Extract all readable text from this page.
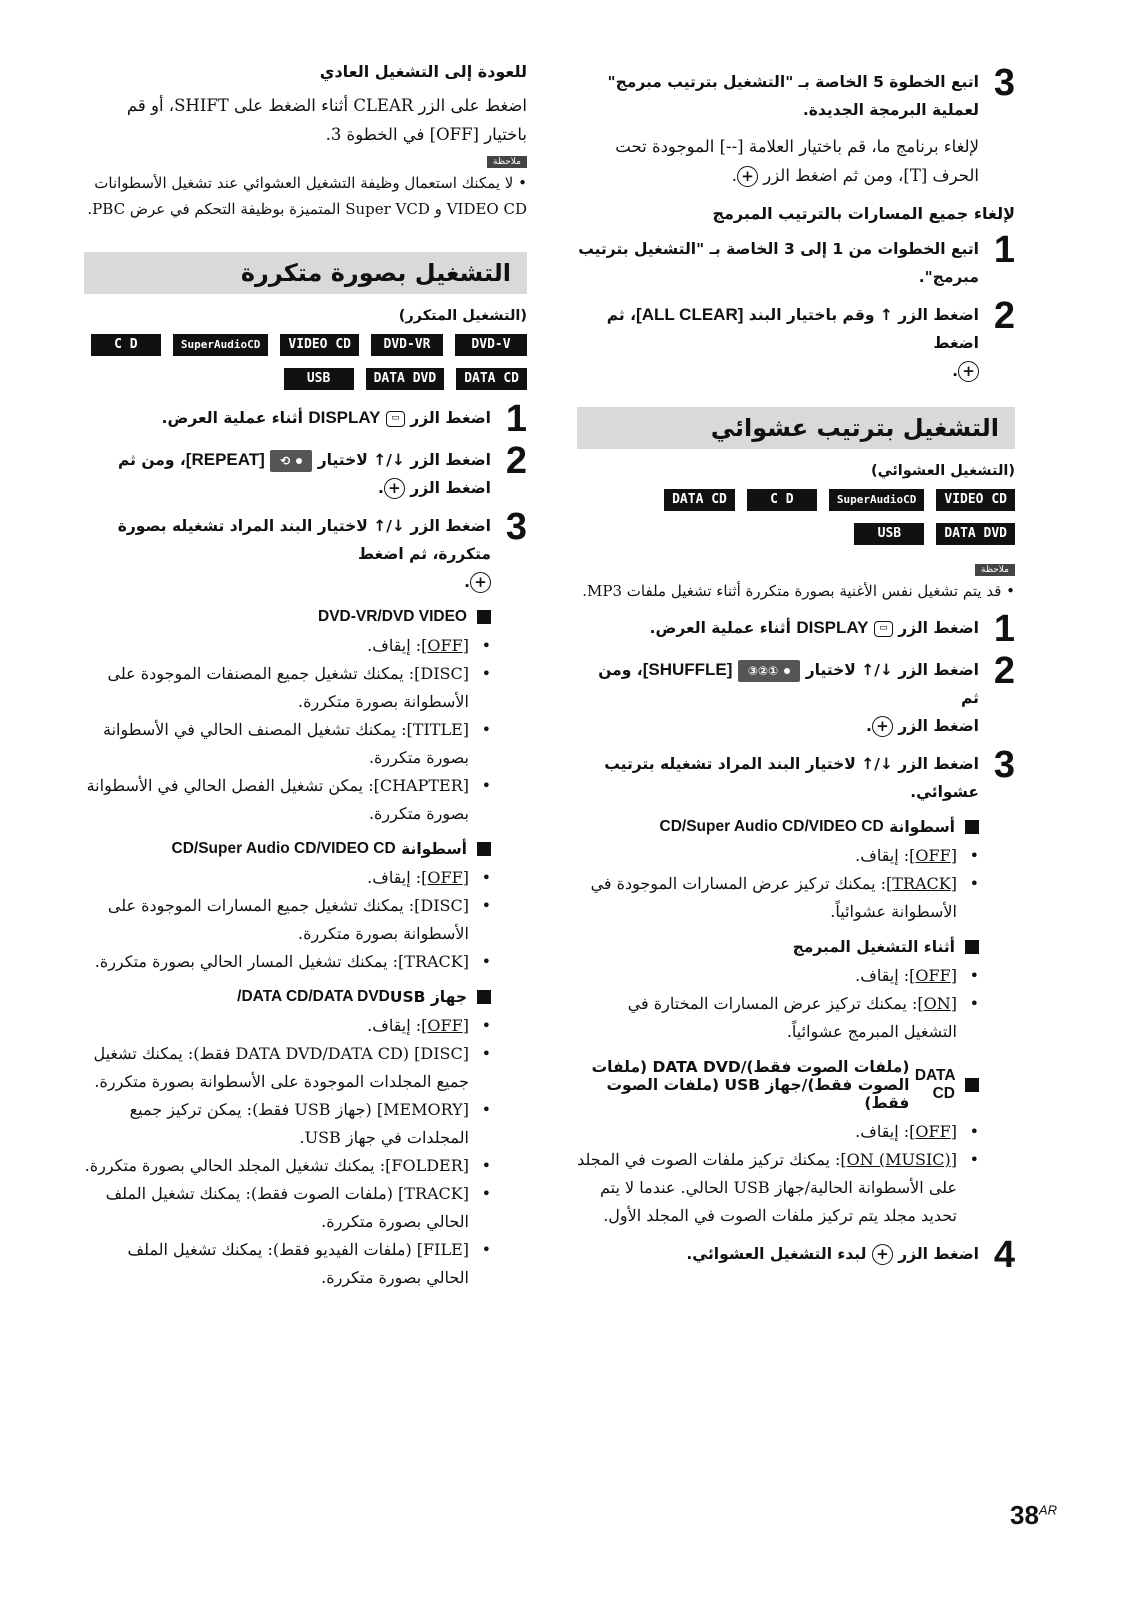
3
اتبع الخطوة 5 الخاصة بـ "التشغيل بترتيب مبرمج" لعملية البرمجة الجديدة.

لإلغاء برنامج ما، قم باختيار العلامة [--] الموجودة تحت الحرف [T]، ومن ثم اضغط الزر +.

لإلغاء جميع المسارات بالترتيب المبرمج
1
اتبع الخطوات من 1 إلى 3 الخاصة بـ "التشغيل بترتيب مبرمج".
2
اضغط الزر ↑ وقم باختيار البند [ALL CLEAR]، ثم اضغط
+.
التشغيل بترتيب عشوائي
(التشغيل العشوائي)
VIDEO CD
SuperAudioCD
C D
DATA CD
DATA DVD
USB
ملاحظة

• قد يتم تشغيل نفس الأغنية بصورة متكررة أثناء تشغيل ملفات MP3.

1
اضغط الزر ▭ DISPLAY أثناء عملية العرض.
2
اضغط الزر ↓/↑ لاختيار ①②③ [SHUFFLE]، ومن ثم
اضغط الزر +.
3
اضغط الزر ↓/↑ لاختيار البند المراد تشغيله بترتيب عشوائي.
أسطوانة

CD/Super Audio CD/VIDEO CD
• [OFF]: إيقاف.
• [TRACK]: يمكنك تركيز عرض المسارات الموجودة في الأسطوانة عشوائياً.
أثناء التشغيل المبرمج
• [OFF]: إيقاف.
• [ON]: يمكنك تركيز عرض المسارات المختارة في التشغيل المبرمج عشوائياً.
DATA CD

(ملفات الصوت فقط)/DATA DVD (ملفات الصوت فقط)/جهاز USB (ملفات الصوت فقط)
• [OFF]: إيقاف.
• [ON (MUSIC)]: يمكنك تركيز ملفات الصوت في المجلد على الأسطوانة الحالية/جهاز USB الحالي. عندما لا يتم تحديد مجلد يتم تركيز ملفات الصوت في المجلد الأول.
4
اضغط الزر + لبدء التشغيل العشوائي.
للعودة إلى التشغيل العادي

اضغط على الزر CLEAR أثناء الضغط على SHIFT، أو قم باختيار [OFF] في الخطوة 3.

ملاحظة

• لا يمكنك استعمال وظيفة التشغيل العشوائي عند تشغيل الأسطوانات VIDEO CD و Super VCD المتميزة بوظيفة التحكم في عرض PBC.

التشغيل بصورة متكررة
(التشغيل المتكرر)
DVD-V
DVD-VR
VIDEO CD
SuperAudioCD
C D
DATA CD
DATA DVD
USB
1
اضغط الزر ▭ DISPLAY أثناء عملية العرض.
2
اضغط الزر ↓/↑ لاختيار ⟲ [REPEAT]، ومن ثم
اضغط الزر +.
3
اضغط الزر ↓/↑ لاختيار البند المراد تشغيله بصورة متكررة، ثم اضغط
+.
DVD-VR/DVD VIDEO
• [OFF]: إيقاف.
• [DISC]: يمكنك تشغيل جميع المصنفات الموجودة على الأسطوانة بصورة متكررة.
• [TITLE]: يمكنك تشغيل المصنف الحالي في الأسطوانة بصورة متكررة.
• [CHAPTER]: يمكن تشغيل الفصل الحالي في الأسطوانة بصورة متكررة.
أسطوانة

CD/Super Audio CD/VIDEO CD
• [OFF]: إيقاف.
• [DISC]: يمكنك تشغيل جميع المسارات الموجودة على الأسطوانة بصورة متكررة.
• [TRACK]: يمكنك تشغيل المسار الحالي بصورة متكررة.
جهاز USB
DATA CD/DATA DVD/
• [OFF]: إيقاف.
• [DISC] (DATA DVD/DATA CD فقط): يمكنك تشغيل جميع المجلدات الموجودة على الأسطوانة بصورة متكررة.
• [MEMORY] (جهاز USB فقط): يمكن تركيز جميع المجلدات في جهاز USB.
• [FOLDER]: يمكنك تشغيل المجلد الحالي بصورة متكررة.
• [TRACK] (ملفات الصوت فقط): يمكنك تشغيل الملف الحالي بصورة متكررة.
• [FILE] (ملفات الفيديو فقط): يمكنك تشغيل الملف الحالي بصورة متكررة.
$38^{AR}$
